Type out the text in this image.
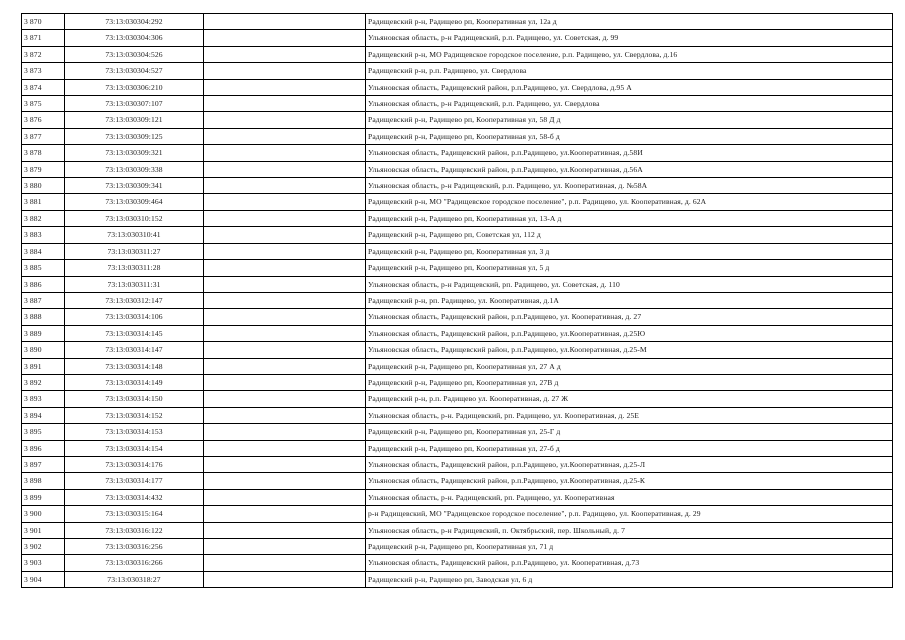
3 870	73:13:030304:292		Радищевский р-н, Радищево рп, Кооперативная ул, 12а д
3 871	73:13:030304:306		Ульяновская область, р-н Радищевский, р.п. Радищево, ул. Советская, д. 99
3 872	73:13:030304:526		Радищевский р-н, МО Радищевское городское поселение, р.п. Радищево, ул. Свердлова, д.16
3 873	73:13:030304:527		Радищевский р-н, р.п. Радищево, ул. Свердлова
3 874	73:13:030306:210		Ульяновская область, Радищевский район, р.п.Радищево, ул. Свердлова, д.95 А
3 875	73:13:030307:107		Ульяновская область, р-н Радищевский, р.п. Радищево, ул. Свердлова
3 876	73:13:030309:121		Радищевский р-н, Радищево рп, Кооперативная ул, 58 Д д
3 877	73:13:030309:125		Радищевский р-н, Радищево рп, Кооперативная ул, 58-б д
3 878	73:13:030309:321		Ульяновская область, Радищевский район, р.п.Радищево, ул.Кооперативная, д.58И
3 879	73:13:030309:338		Ульяновская область, Радищевский район, р.п.Радищево, ул.Кооперативная, д.56А
3 880	73:13:030309:341		Ульяновская область, р-н Радищевский, р.п. Радищево, ул. Кооперативная, д. №58А
3 881	73:13:030309:464		Радищевский р-н, МО "Радищевское городское поселение", р.п. Радищево, ул. Кооперативная, д. 62А
3 882	73:13:030310:152		Радищевский р-н, Радищево рп, Кооперативная ул, 13-А д
3 883	73:13:030310:41		Радищевский р-н, Радищево рп, Советская ул, 112 д
3 884	73:13:030311:27		Радищевский р-н, Радищево рп, Кооперативная ул, 3 д
3 885	73:13:030311:28		Радищевский р-н, Радищево рп, Кооперативная ул, 5 д
3 886	73:13:030311:31		Ульяновская область, р-н Радищевский, рп. Радищево, ул. Советская, д. 110
3 887	73:13:030312:147		Радищевский р-н, рп. Радищево, ул. Кооперативная, д.1А
3 888	73:13:030314:106		Ульяновская область, Радищевский район, р.п.Радищево, ул. Кооперативная, д. 27
3 889	73:13:030314:145		Ульяновская область, Радищевский район, р.п.Радищево, ул.Кооперативная, д.25Ю
3 890	73:13:030314:147		Ульяновская область, Радищевский район, р.п.Радищево, ул.Кооперативная, д.25-М
3 891	73:13:030314:148		Радищевский р-н, Радищево рп, Кооперативная ул, 27 А д
3 892	73:13:030314:149		Радищевский р-н, Радищево рп, Кооперативная ул, 27В д
3 893	73:13:030314:150		Радищевский р-н, р.п. Радищево ул. Кооперативная, д. 27 Ж
3 894	73:13:030314:152		Ульяновская область, р-н. Радищевский, рп. Радищево, ул. Кооперативная, д. 25Е
3 895	73:13:030314:153		Радищевский р-н, Радищево рп, Кооперативная ул, 25-Г д
3 896	73:13:030314:154		Радищевский р-н, Радищево рп, Кооперативная ул, 27-б д
3 897	73:13:030314:176		Ульяновская область, Радищевский район, р.п.Радищево, ул.Кооперативная, д.25-Л
3 898	73:13:030314:177		Ульяновская область, Радищевский район, р.п.Радищево, ул.Кооперативная, д.25-К
3 899	73:13:030314:432		Ульяновская область, р-н. Радищевский, рп. Радищево, ул. Кооперативная
3 900	73:13:030315:164		р-н Радищевский, МО "Радищевское городское поселение", р.п. Радищево, ул. Кооперативная, д. 29
3 901	73:13:030316:122		Ульяновская область, р-н Радищевский, п. Октябрьский, пер. Школьный, д. 7
3 902	73:13:030316:256		Радищевский р-н, Радищево рп, Кооперативная ул, 71 д
3 903	73:13:030316:266		Ульяновская область, Радищевский район, р.п.Радищево, ул. Кооперативная, д.73
3 904	73:13:030318:27		Радищевский р-н, Радищево рп, Заводская ул, 6 д
